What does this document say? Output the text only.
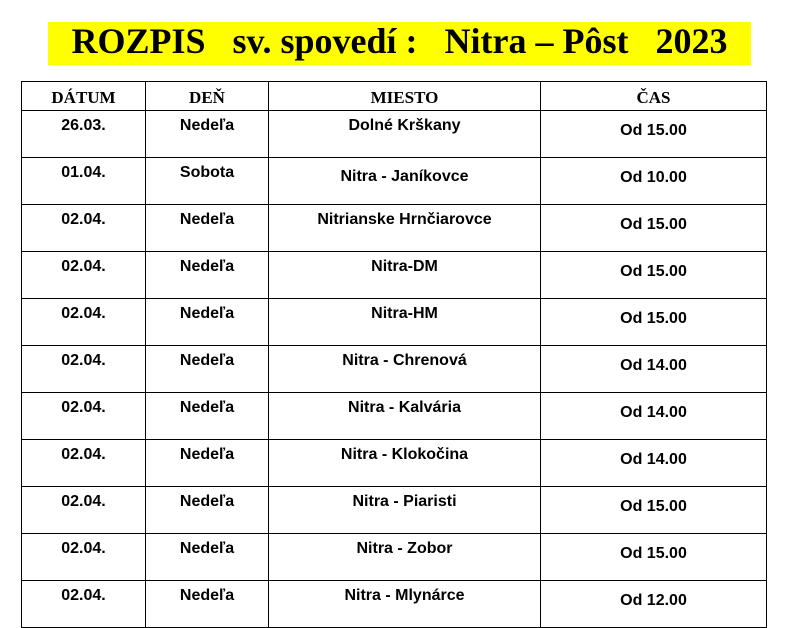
ROZPIS   sv. spovedí :   Nitra – Pôst   2023
DÁTUM	DEŇ	MIESTO	ČAS
26.03.	Nedeľa	Dolné Krškany	Od 15.00
01.04.	Sobota	Nitra - Janíkovce	Od 10.00
02.04.	Nedeľa	Nitrianske Hrnčiarovce	Od 15.00
02.04.	Nedeľa	Nitra-DM	Od 15.00
02.04.	Nedeľa	Nitra-HM	Od 15.00
02.04.	Nedeľa	Nitra - Chrenová	Od 14.00
02.04.	Nedeľa	Nitra - Kalvária	Od 14.00
02.04.	Nedeľa	Nitra - Klokočina	Od 14.00
02.04.	Nedeľa	Nitra - Piaristi	Od 15.00
02.04.	Nedeľa	Nitra - Zobor	Od 15.00
02.04.	Nedeľa	Nitra - Mlynárce	Od 12.00
